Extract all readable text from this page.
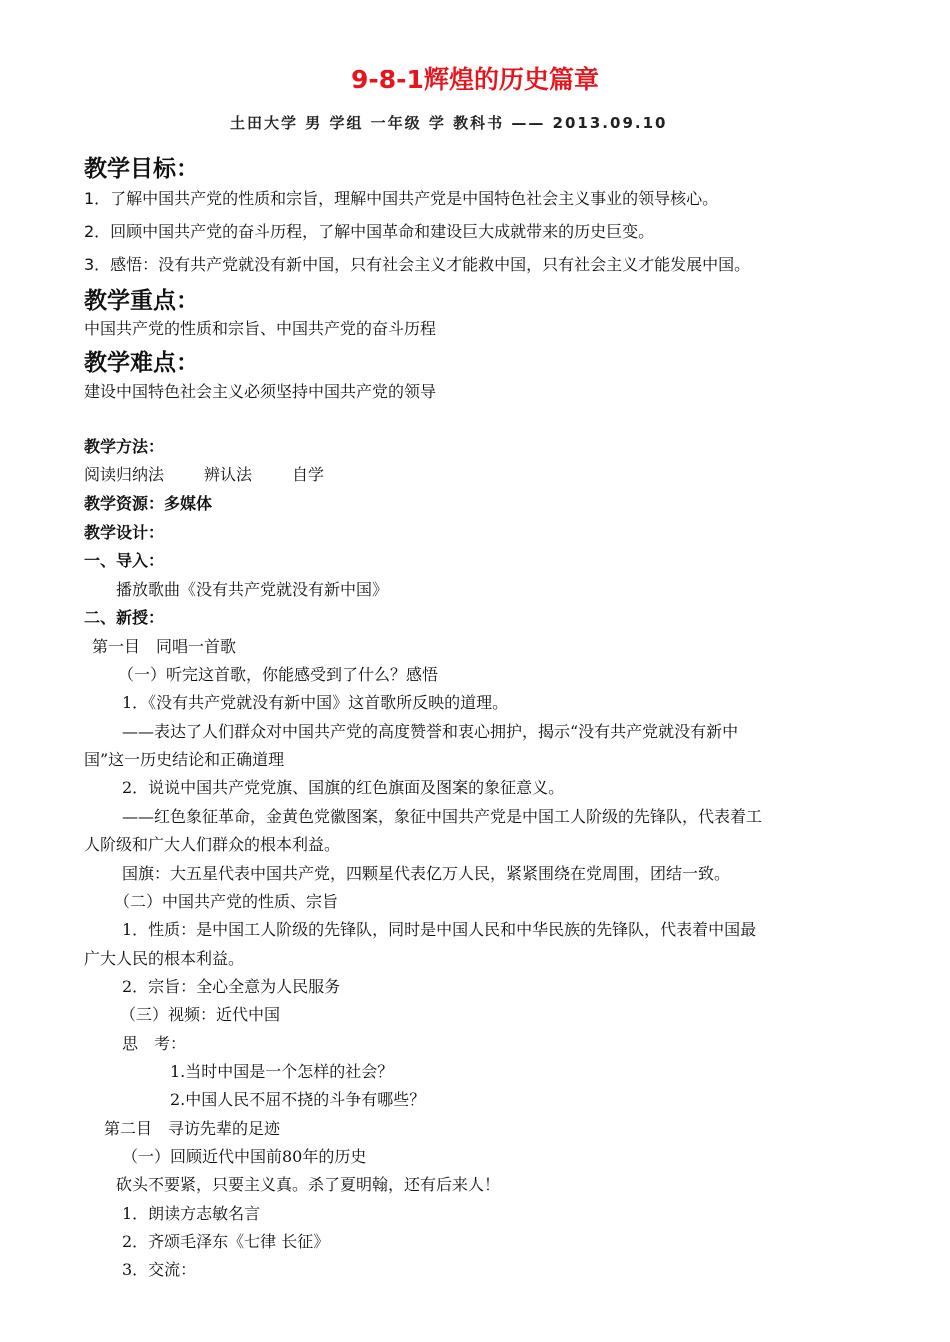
9-8-1辉煌的历史篇章
土田大学 男 学组 一年级 学 教科书 —— 2013.09.10
教学目标：
1．了解中国共产党的性质和宗旨，理解中国共产党是中国特色社会主义事业的领导核心。
2．回顾中国共产党的奋斗历程，了解中国革命和建设巨大成就带来的历史巨变。
3．感悟：没有共产党就没有新中国，只有社会主义才能救中国，只有社会主义才能发展中国。
教学重点：
中国共产党的性质和宗旨、中国共产党的奋斗历程
教学难点：
建设中国特色社会主义必须坚持中国共产党的领导
教学方法：
阅读归纳法	辨认法	自学
教学资源：多媒体
教学设计：
一、导入：
播放歌曲《没有共产党就没有新中国》
二、新授：
第一目　同唱一首歌
（一）听完这首歌，你能感受到了什么？感悟
1．《没有共产党就没有新中国》这首歌所反映的道理。
——表达了人们群众对中国共产党的高度赞誉和衷心拥护，揭示“没有共产党就没有新中
国”这一历史结论和正确道理
2．说说中国共产党党旗、国旗的红色旗面及图案的象征意义。
——红色象征革命，金黄色党徽图案，象征中国共产党是中国工人阶级的先锋队，代表着工
人阶级和广大人们群众的根本利益。
国旗：大五星代表中国共产党，四颗星代表亿万人民，紧紧围绕在党周围，团结一致。
（二）中国共产党的性质、宗旨
1．性质：是中国工人阶级的先锋队，同时是中国人民和中华民族的先锋队，代表着中国最
广大人民的根本利益。
2．宗旨：全心全意为人民服务
（三）视频：近代中国
思　考：
1.当时中国是一个怎样的社会？
2.中国人民不屈不挠的斗争有哪些？
第二目　寻访先辈的足迹
（一）回顾近代中国前80年的历史
砍头不要紧，只要主义真。杀了夏明翰，还有后来人！
1．朗读方志敏名言
2．齐颂毛泽东《七律 长征》
3．交流：
